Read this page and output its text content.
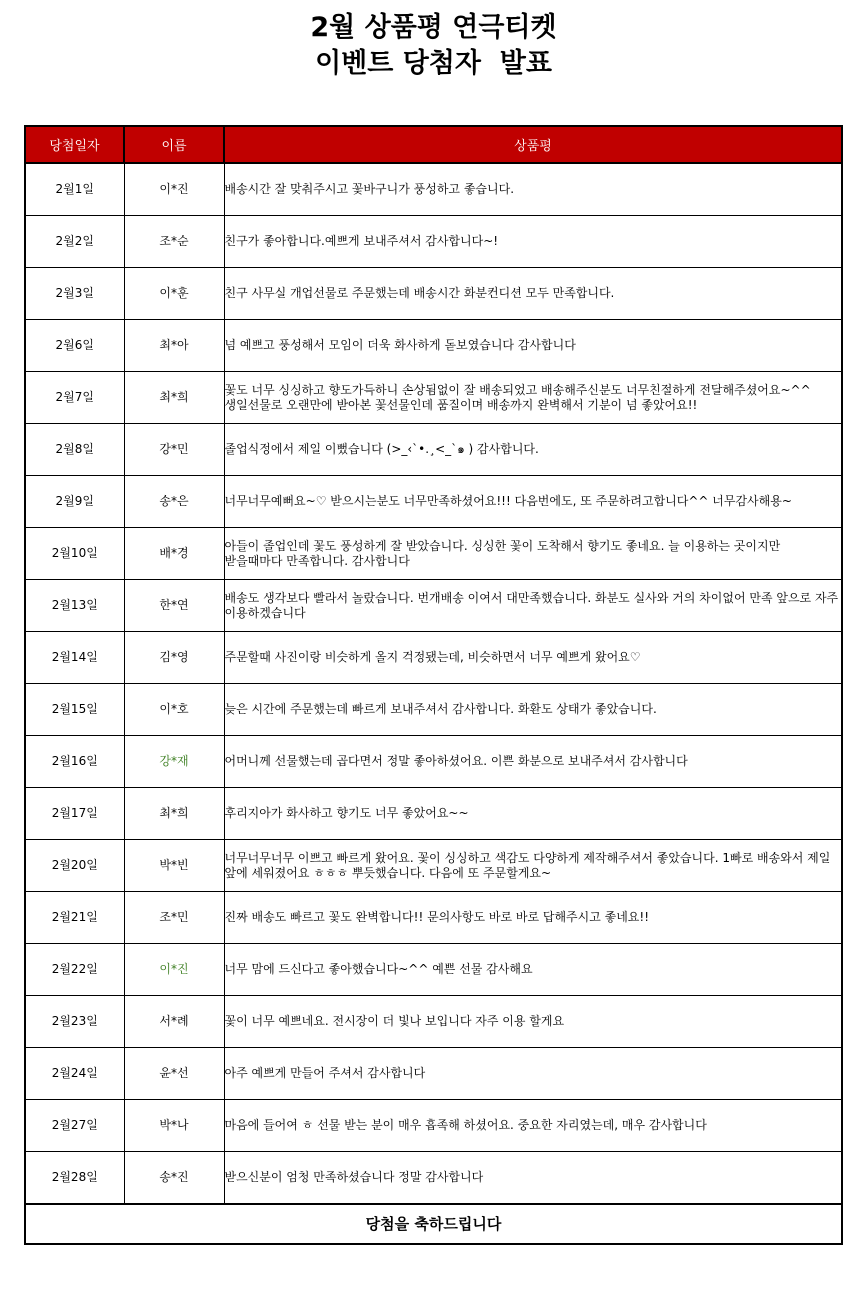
2월 상품평 연극티켓
이벤트 당첨자  발표
당첨일자	이름	상품평
2월1일	이*진	배송시간 잘 맞춰주시고 꽃바구니가 풍성하고 좋습니다.
2월2일	조*순	친구가 좋아합니다.예쁘게 보내주셔서 감사합니다~!
2월3일	이*훈	친구 사무실 개업선물로 주문했는데 배송시간 화분컨디션 모두 만족합니다.
2월6일	최*아	넘 예쁘고 풍성해서 모임이 더욱 화사하게 돋보였습니다 감사합니다
2월7일	최*희	꽃도 너무 싱싱하고 향도가득하니 손상됨없이 잘 배송되었고 배송해주신분도 너무친절하게 전달해주셨어요~^^ 생일선물로 오랜만에 받아본 꽃선물인데 품질이며 배송까지 완벽해서 기분이 넘 좋았어요!!
2월8일	강*민	졸업식정에서 제일 이뻤습니다 (>_‹`•.¸<_`๑ ) 감사합니다.
2월9일	송*은	너무너무예뻐요~♡ 받으시는분도 너무만족하셨어요!!! 다음번에도, 또 주문하려고합니다^^ 너무감사해용~
2월10일	배*경	아들이 졸업인데 꽃도 풍성하게 잘 받았습니다. 싱싱한 꽃이 도착해서 향기도 좋네요. 늘 이용하는 곳이지만 받을때마다 만족합니다. 감사합니다
2월13일	한*연	배송도 생각보다 빨라서 놀랐습니다. 번개배송 이여서 대만족했습니다. 화분도 실사와 거의 차이없어 만족 앞으로 자주 이용하겠습니다
2월14일	김*영	주문할때 사진이랑 비슷하게 올지 걱정됐는데, 비슷하면서 너무 예쁘게 왔어요♡
2월15일	이*호	늦은 시간에 주문했는데 빠르게 보내주셔서 감사합니다. 화환도 상태가 좋았습니다.
2월16일	강*재	어머니께 선물했는데 곱다면서 정말 좋아하셨어요. 이쁜 화분으로 보내주셔서 감사합니다
2월17일	최*희	후리지아가 화사하고 향기도 너무 좋았어요~~
2월20일	박*빈	너무너무너무 이쁘고 빠르게 왔어요. 꽃이 싱싱하고 색감도 다양하게 제작해주셔서 좋았습니다. 1빠로 배송와서 제일 앞에 세워졌어요 ㅎㅎㅎ 뿌듯했습니다. 다음에 또 주문할게요~
2월21일	조*민	진짜 배송도 빠르고 꽃도 완벽합니다!! 문의사항도 바로 바로 답해주시고 좋네요!!
2월22일	이*진	너무 맘에 드신다고 좋아했습니다~^^ 예쁜 선물 감사해요
2월23일	서*례	꽃이 너무 예쁘네요. 전시장이 더 빛나 보입니다 자주 이용 할게요
2월24일	윤*선	아주 예쁘게 만들어 주셔서 감사합니다
2월27일	박*나	마음에 들어여 ㅎ 선물 받는 분이 매우 흡족해 하셨어요. 중요한 자리였는데, 매우 감사합니다
2월28일	송*진	받으신분이 엄청 만족하셨습니다 정말 감사합니다
당첨을 축하드립니다		
